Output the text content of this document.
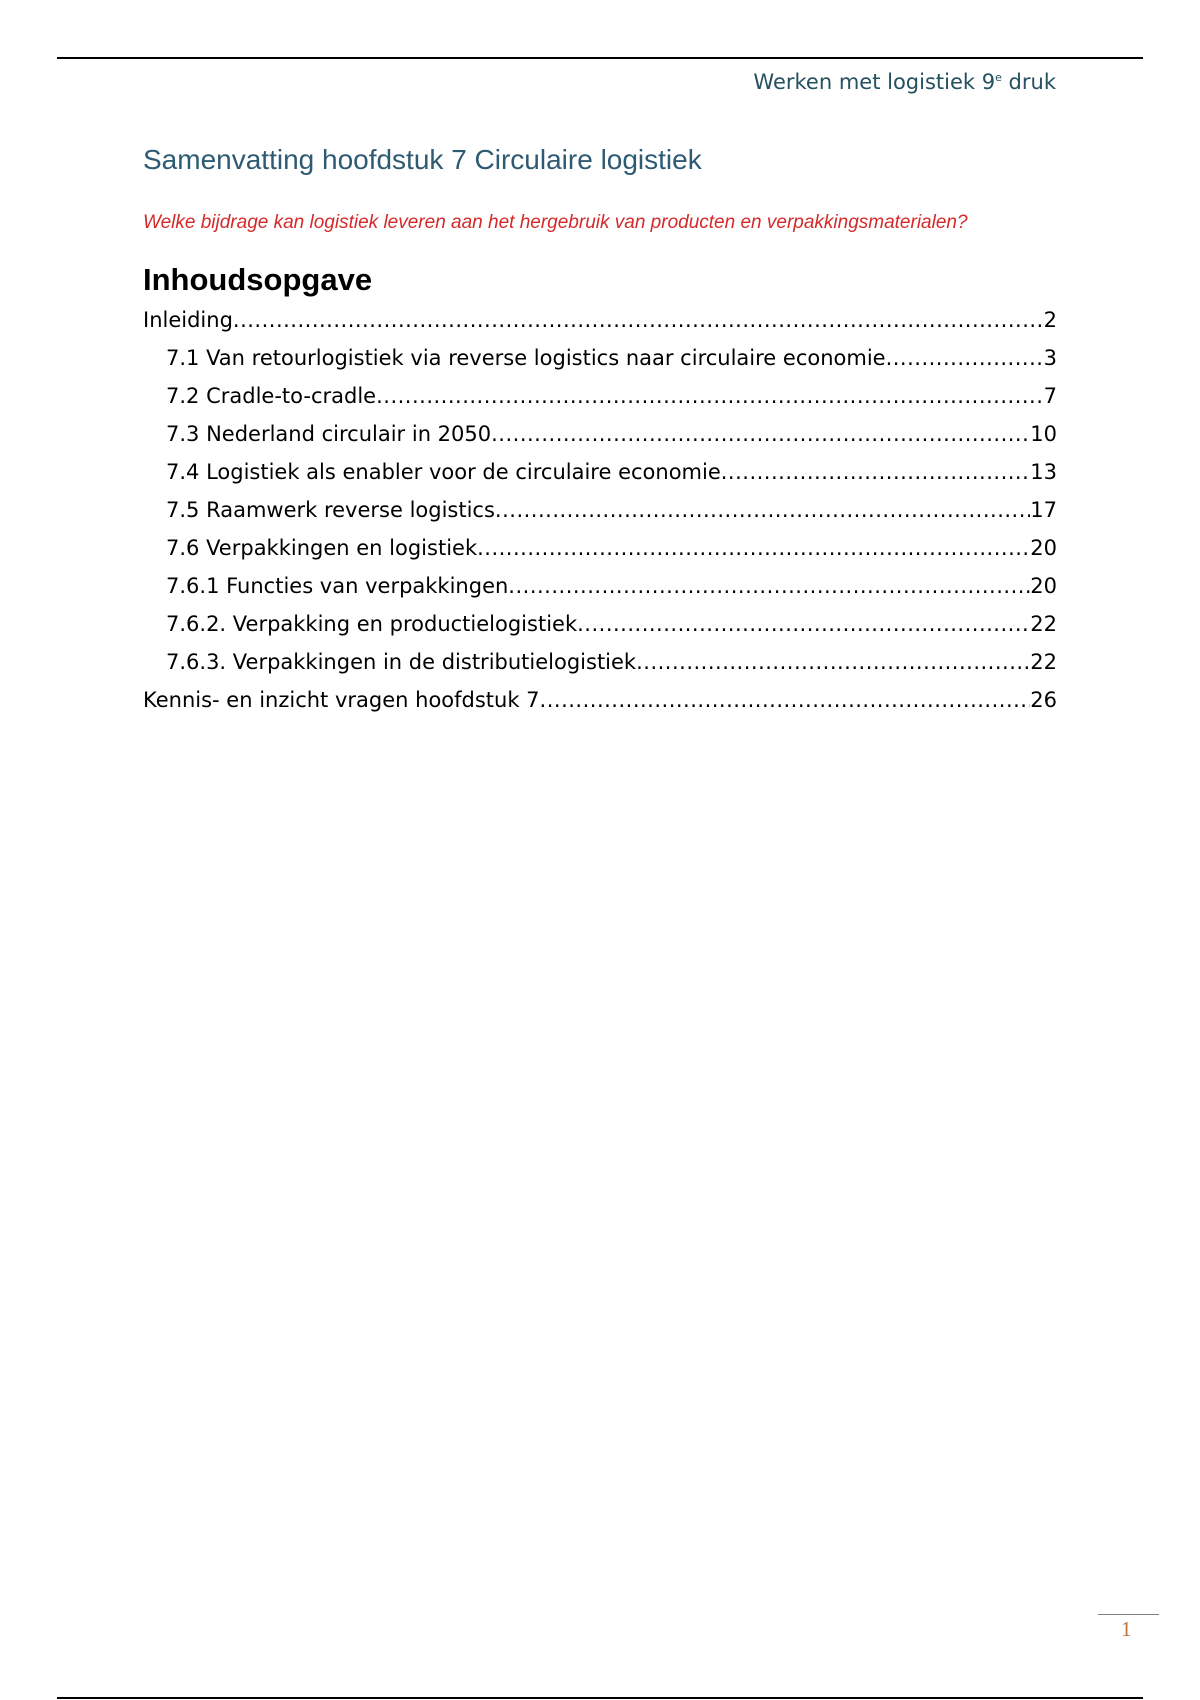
Werken met logistiek 9e druk
Samenvatting hoofdstuk 7 Circulaire logistiek
Welke bijdrage kan logistiek leveren aan het hergebruik van producten en verpakkingsmaterialen?
Inhoudsopgave
Inleiding .....	2
7.1 Van retourlogistiek via reverse logistics naar circulaire economie .....	3
7.2 Cradle-to-cradle .....	7
7.3 Nederland circulair in 2050 .....	10
7.4 Logistiek als enabler voor de circulaire economie .....	13
7.5 Raamwerk reverse logistics .....	17
7.6 Verpakkingen en logistiek .....	20
7.6.1 Functies van verpakkingen .....	20
7.6.2. Verpakking en productielogistiek .....	22
7.6.3. Verpakkingen in de distributielogistiek .....	22
Kennis- en inzicht vragen hoofdstuk 7 .....	26
1
